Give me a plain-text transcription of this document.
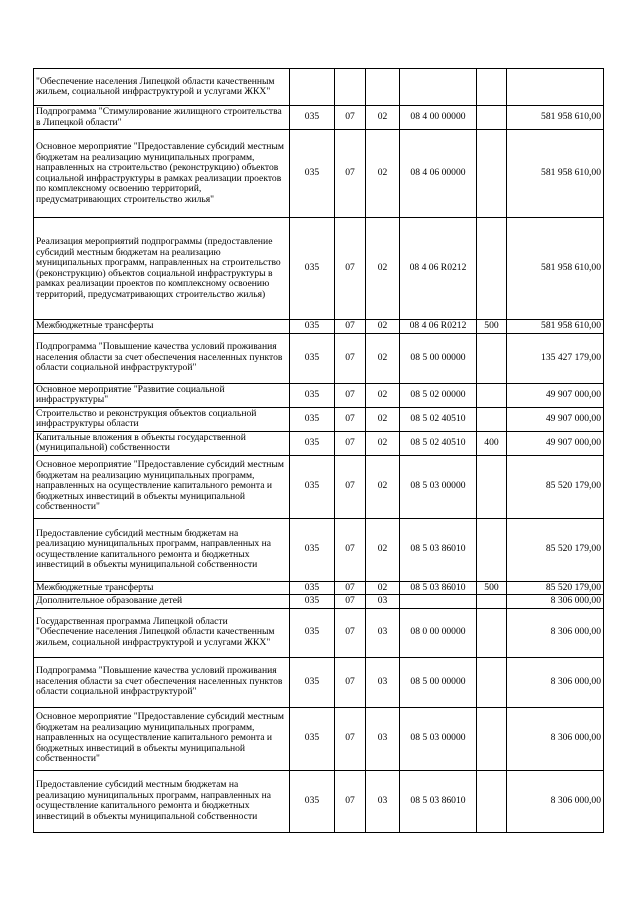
"Обеспечение населения Липецкой области качественным жильем, социальной инфраструктурой и услугами ЖКХ"						
Подпрограмма "Стимулирование жилищного строительства в Липецкой области"	035	07	02	08 4 00 00000		581 958 610,00
Основное мероприятие "Предоставление субсидий местным бюджетам на реализацию муниципальных программ, направленных на строительство (реконструкцию) объектов социальной инфраструктуры в рамках реализации проектов по комплексному освоению территорий, предусматривающих строительство жилья"	035	07	02	08 4 06 00000		581 958 610,00
Реализация мероприятий подпрограммы (предоставление субсидий местным бюджетам на реализацию муниципальных программ, направленных на строительство (реконструкцию) объектов социальной инфраструктуры в рамках реализации проектов по комплексному освоению территорий, предусматривающих строительство жилья)	035	07	02	08 4 06 R0212		581 958 610,00
Межбюджетные трансферты	035	07	02	08 4 06 R0212	500	581 958 610,00
Подпрограмма "Повышение качества условий проживания населения области за счет обеспечения населенных пунктов области социальной инфраструктурой"	035	07	02	08 5 00 00000		135 427 179,00
Основное мероприятие "Развитие социальной инфраструктуры"	035	07	02	08 5 02 00000		49 907 000,00
Строительство и реконструкция объектов социальной инфраструктуры области	035	07	02	08 5 02 40510		49 907 000,00
Капитальные вложения в объекты государственной (муниципальной) собственности	035	07	02	08 5 02 40510	400	49 907 000,00
Основное мероприятие "Предоставление субсидий местным бюджетам на реализацию муниципальных программ, направленных на осуществление капитального ремонта и бюджетных инвестиций в объекты муниципальной собственности"	035	07	02	08 5 03 00000		85 520 179,00
Предоставление субсидий местным бюджетам на реализацию муниципальных программ, направленных на осуществление капитального ремонта и бюджетных инвестиций в объекты муниципальной собственности	035	07	02	08 5 03 86010		85 520 179,00
Межбюджетные трансферты	035	07	02	08 5 03 86010	500	85 520 179,00
Дополнительное образование детей	035	07	03			8 306 000,00
Государственная программа Липецкой области "Обеспечение населения Липецкой области качественным жильем, социальной инфраструктурой и услугами ЖКХ"	035	07	03	08 0 00 00000		8 306 000,00
Подпрограмма "Повышение качества условий проживания населения области за счет обеспечения населенных пунктов области социальной инфраструктурой"	035	07	03	08 5 00 00000		8 306 000,00
Основное мероприятие "Предоставление субсидий местным бюджетам на реализацию муниципальных программ, направленных на осуществление капитального ремонта и бюджетных инвестиций в объекты муниципальной собственности"	035	07	03	08 5 03 00000		8 306 000,00
Предоставление субсидий местным бюджетам на реализацию муниципальных программ, направленных на осуществление капитального ремонта и бюджетных инвестиций в объекты муниципальной собственности	035	07	03	08 5 03 86010		8 306 000,00
